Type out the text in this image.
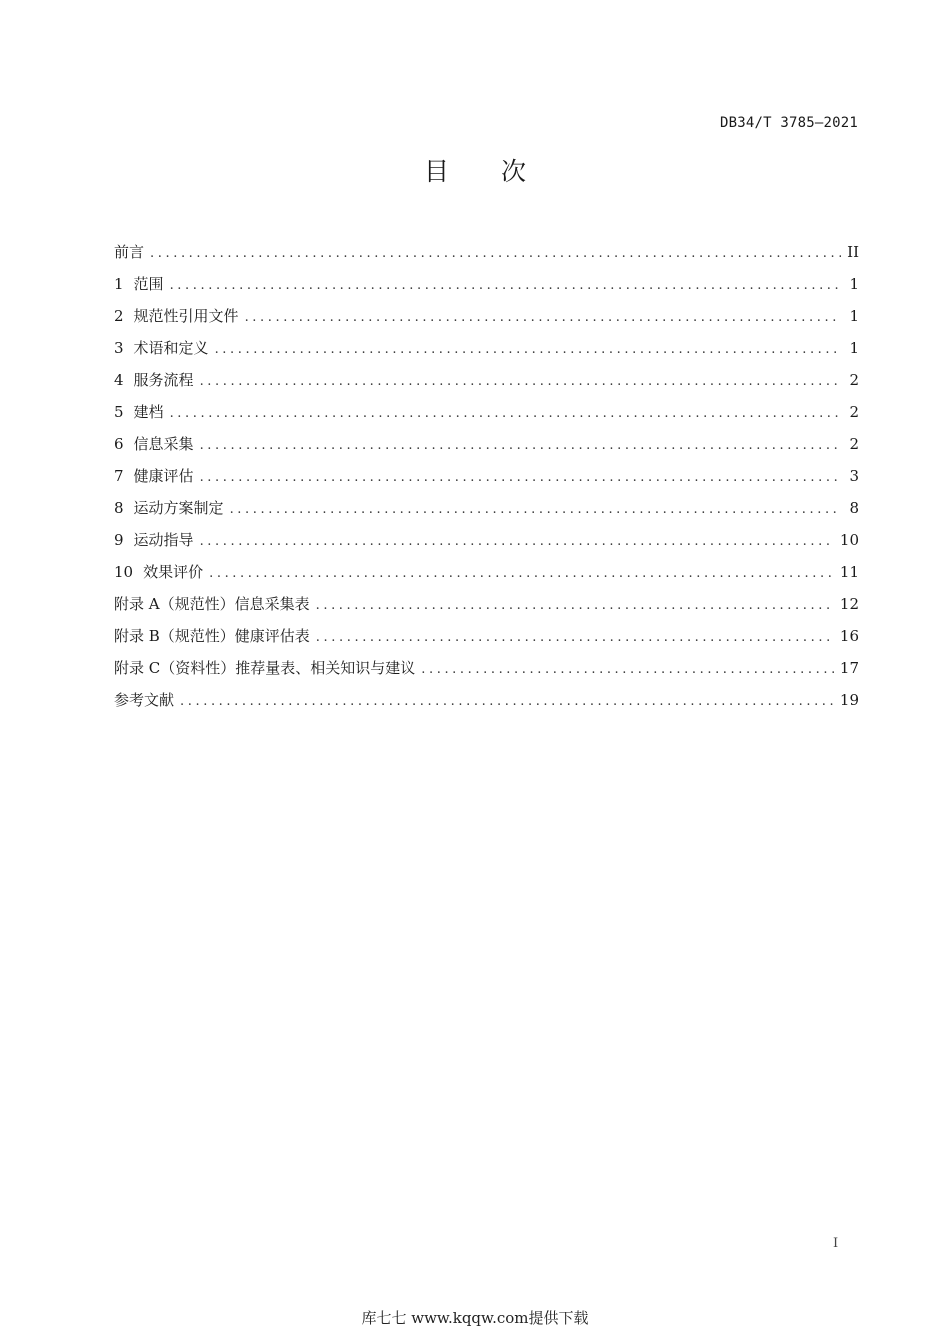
DB34/T 3785—2021
目 次
前言 .....	II
1 范围 .....	1
2 规范性引用文件 .....	1
3 术语和定义 .....	1
4 服务流程 .....	2
5 建档 .....	2
6 信息采集 .....	2
7 健康评估 .....	3
8 运动方案制定 .....	8
9 运动指导 .....	10
10 效果评价 .....	11
附录 A（规范性）信息采集表 .....	12
附录 B（规范性）健康评估表 .....	16
附录 C（资料性）推荐量表、相关知识与建议 .....	17
参考文献 .....	19
I
库七七 www.kqqw.com提供下载
